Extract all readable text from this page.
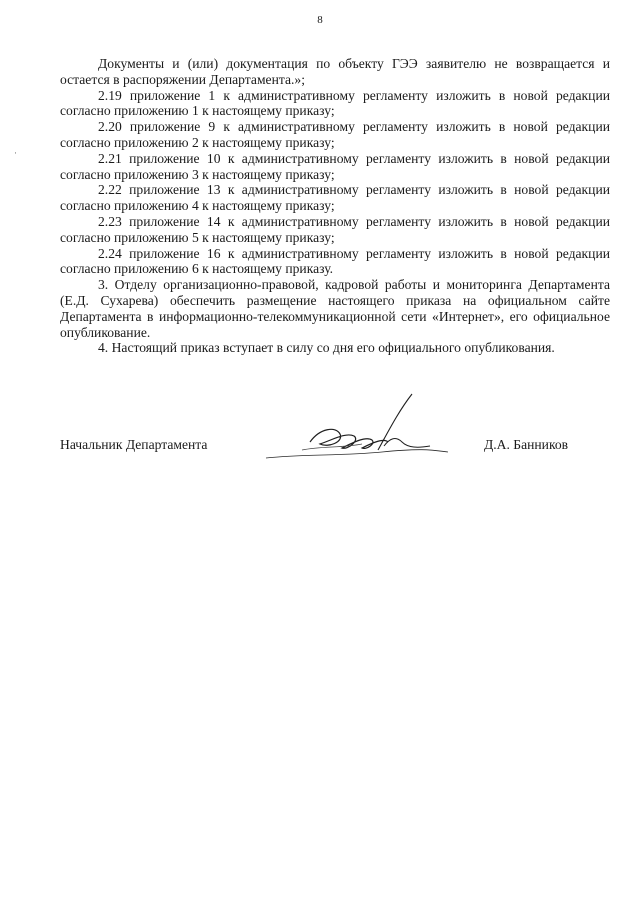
8
·

Документы и (или) документация по объекту ГЭЭ заявителю не возвращается и остается в распоряжении Департамента.»;

2.19 приложение 1 к административному регламенту изложить в новой редакции согласно приложению 1 к настоящему приказу;

2.20 приложение 9 к административному регламенту изложить в новой редакции согласно приложению 2 к настоящему приказу;

2.21 приложение 10 к административному регламенту изложить в новой редакции согласно приложению 3 к настоящему приказу;

2.22 приложение 13 к административному регламенту изложить в новой редакции согласно приложению 4 к настоящему приказу;

2.23 приложение 14 к административному регламенту изложить в новой редакции согласно приложению 5 к настоящему приказу;

2.24 приложение 16 к административному регламенту изложить в новой редакции согласно приложению 6 к настоящему приказу.

3. Отделу организационно-правовой, кадровой работы и мониторинга Департамента (Е.Д. Сухарева) обеспечить размещение настоящего приказа на официальном сайте Департамента в информационно-телекоммуникационной сети «Интернет», его официальное опубликование.

4. Настоящий приказ вступает в силу со дня его официального опубликования.

Начальник Департамента	Д.А. Банников
